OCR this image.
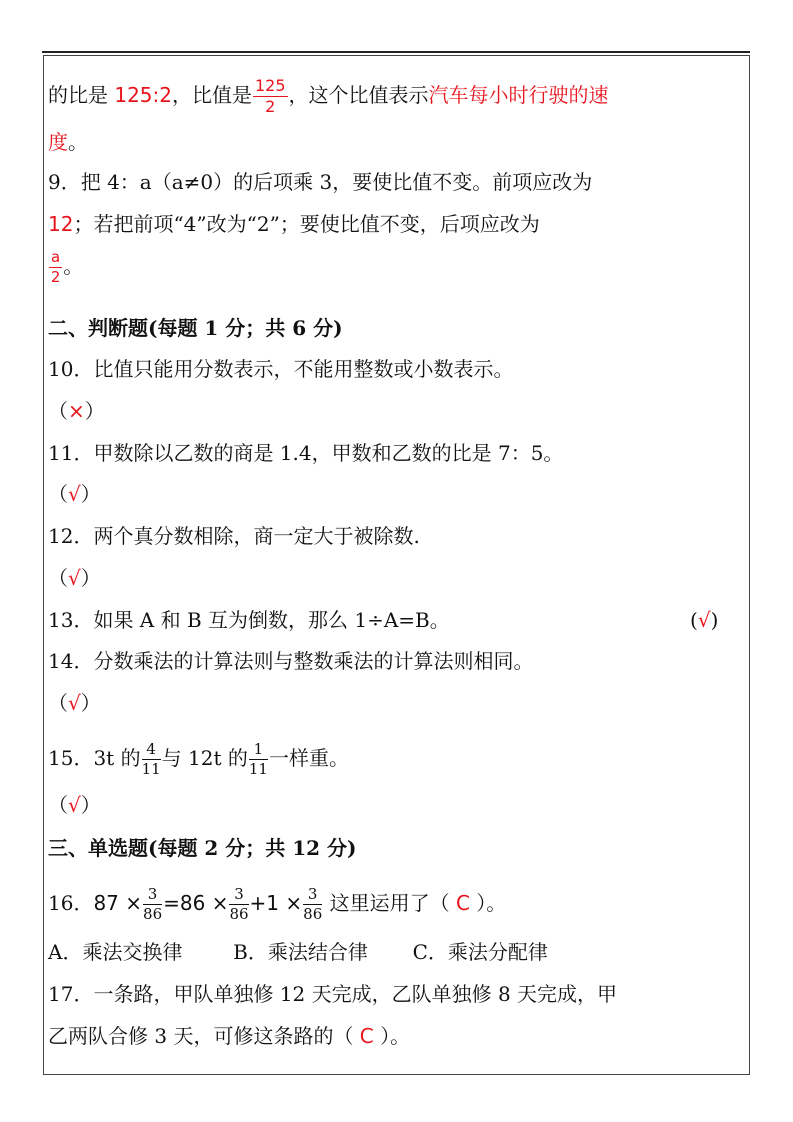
的比是 125:2，比值是 $\frac{125}{2}$ ，这个比值表示汽车每小时行驶的速
度。
9．把 4：a（a≠0）的后项乘 3，要使比值不变。前项应改为
12；若把前项“4”改为“2”；要使比值不变，后项应改为
$\frac{a}{2}$ 。
二、判断题(每题 1 分；共 6 分)
10．比值只能用分数表示，不能用整数或小数表示。
（×）
11．甲数除以乙数的商是 1.4，甲数和乙数的比是 7：5。
（√）
12．两个真分数相除，商一定大于被除数.
（√）
13．如果 A 和 B 互为倒数，那么 1÷A=B。	(√)
14．分数乘法的计算法则与整数乘法的计算法则相同。
（√）
15．3t 的 $\frac{4}{11}$ 与 12t 的 $\frac{1}{11}$ 一样重。
（√）
三、单选题(每题 2 分；共 12 分)
16．$87 \times \frac{3}{86} =86 \times \frac{3}{86} +1 \times \frac{3}{86}$ 这里运用了（ C ）。
A．乘法交换律	B．乘法结合律 C．乘法分配律
17．一条路，甲队单独修 12 天完成，乙队单独修 8 天完成，甲
乙两队合修 3 天，可修这条路的（ C ）。
